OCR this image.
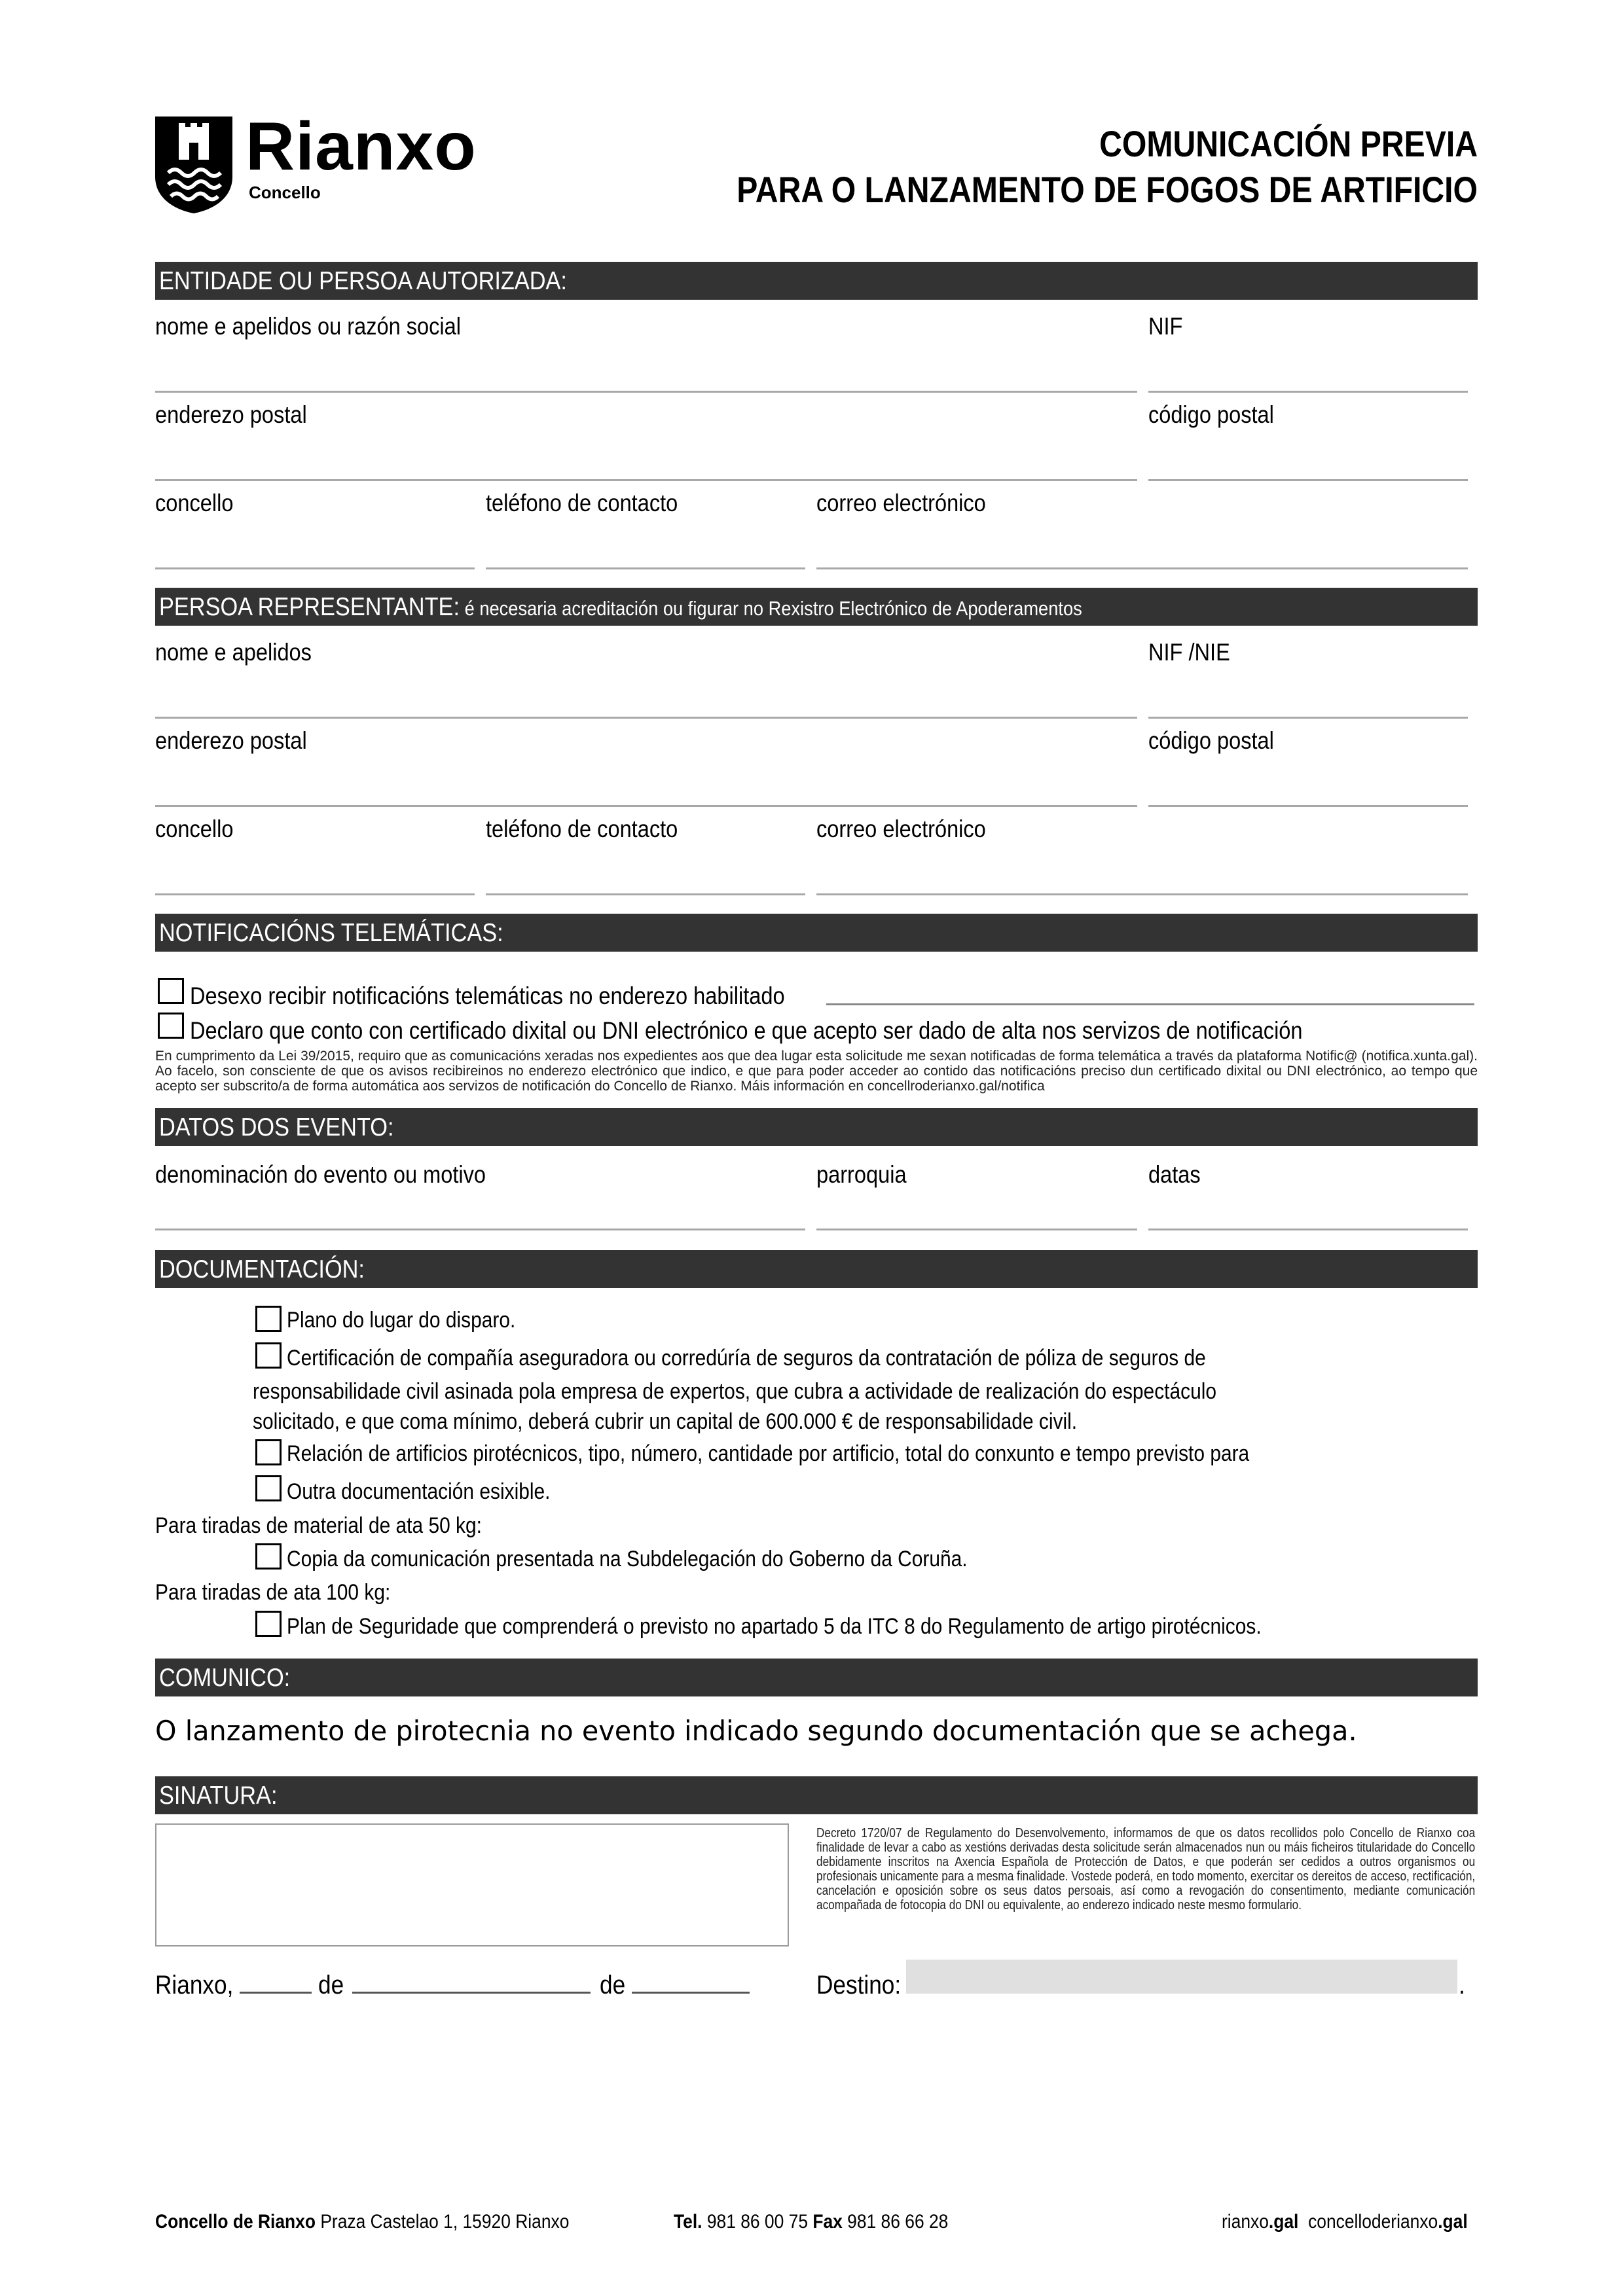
Rianxo
Concello
COMUNICACIÓN PREVIA
PARA O LANZAMENTO DE FOGOS DE ARTIFICIO
ENTIDADE OU PERSOA AUTORIZADA:
nome e apelidos ou razón social	NIF
enderezo postal	código postal
concello	teléfono de contacto	correo electrónico
PERSOA REPRESENTANTE: é necesaria acreditación ou figurar no Rexistro Electrónico de Apoderamentos
nome e apelidos	NIF /NIE
enderezo postal	código postal
concello	teléfono de contacto	correo electrónico
NOTIFICACIÓNS TELEMÁTICAS:
Desexo recibir notificacións telemáticas no enderezo habilitado
Declaro que conto con certificado dixital ou DNI electrónico e que acepto ser dado de alta nos servizos de notificación
En cumprimento da Lei 39/2015, requiro que as comunicacións xeradas nos expedientes aos que dea lugar esta solicitude me sexan notificadas de forma telemática a través da plataforma Notific@ (notifica.xunta.gal). Ao facelo, son consciente de que os avisos recibireinos no enderezo electrónico que indico, e que para poder acceder ao contido das notificacións preciso dun certificado dixital ou DNI electrónico, ao tempo que acepto ser subscrito/a de forma automática aos servizos de notificación do Concello de Rianxo. Máis información en concellroderianxo.gal/notifica
DATOS DOS EVENTO:
denominación do evento ou motivo	parroquia	datas
DOCUMENTACIÓN:
Plano do lugar do disparo.
Certificación de compañía aseguradora ou corredúría de seguros da contratación de póliza de seguros de
responsabilidade civil asinada pola empresa de expertos, que cubra a actividade de realización do espectáculo
solicitado, e que coma mínimo, deberá cubrir un capital de 600.000 € de responsabilidade civil.
Relación de artificios pirotécnicos, tipo, número, cantidade por artificio, total do conxunto e tempo previsto para
Outra documentación esixible.
Para tiradas de material de ata 50 kg:
Copia da comunicación presentada na Subdelegación do Goberno da Coruña.
Para tiradas de ata 100 kg:
Plan de Seguridade que comprenderá o previsto no apartado 5 da ITC 8 do Regulamento de artigo pirotécnicos.
COMUNICO:
O lanzamento de pirotecnia no evento indicado segundo documentación que se achega.
SINATURA:
Decreto 1720/07 de Regulamento do Desenvolvemento, informamos de que os datos recollidos polo Concello de Rianxo coa finalidade de levar a cabo as xestións derivadas desta solicitude serán almacenados nun ou máis ficheiros titularidade do Concello debidamente inscritos na Axencia Española de Protección de Datos, e que poderán ser cedidos a outros organismos ou profesionais unicamente para a mesma finalidade. Vostede poderá, en todo momento, exercitar os dereitos de acceso, rectificación, cancelación e oposición sobre os seus datos persoais, así como a revogación do consentimento, mediante comunicación acompañada de fotocopia do DNI ou equivalente, ao enderezo indicado neste mesmo formulario.
Rianxo,	de	de	Destino:	.
Concello de Rianxo Praza Castelao 1, 15920 Rianxo	Tel. 981 86 00 75 Fax 981 86 66 28	rianxo.gal concelloderianxo.gal
